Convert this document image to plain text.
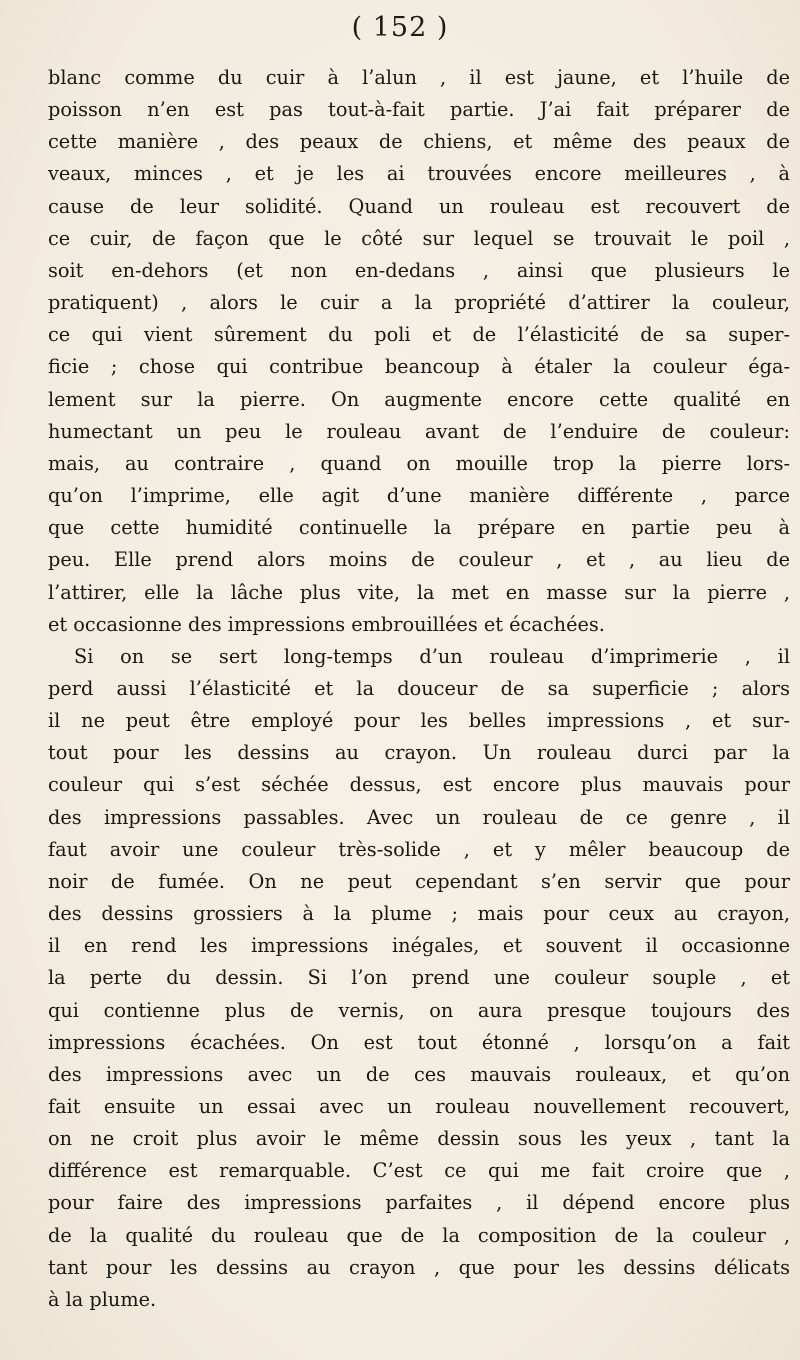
( 152 )
blanc comme du cuir à l’alun , il est jaune, et l’huile de
poisson n’en est pas tout-à-fait partie. J’ai fait préparer de
cette manière , des peaux de chiens, et même des peaux de
veaux, minces , et je les ai trouvées encore meilleures , à
cause de leur solidité. Quand un rouleau est recouvert de
ce cuir, de façon que le côté sur lequel se trouvait le poil ,
soit en-dehors (et non en-dedans , ainsi que plusieurs le
pratiquent) , alors le cuir a la propriété d’attirer la couleur,
ce qui vient sûrement du poli et de l’élasticité de sa super-
ficie ; chose qui contribue beancoup à étaler la couleur éga-
lement sur la pierre. On augmente encore cette qualité en
humectant un peu le rouleau avant de l’enduire de couleur:
mais, au contraire , quand on mouille trop la pierre lors-
qu’on l’imprime, elle agit d’une manière différente , parce
que cette humidité continuelle la prépare en partie peu à
peu. Elle prend alors moins de couleur , et , au lieu de
l’attirer, elle la lâche plus vite, la met en masse sur la pierre ,
et occasionne des impressions embrouillées et écachées.
Si on se sert long-temps d’un rouleau d’imprimerie , il
perd aussi l’élasticité et la douceur de sa superficie ; alors
il ne peut être employé pour les belles impressions , et sur-
tout pour les dessins au crayon. Un rouleau durci par la
couleur qui s’est séchée dessus, est encore plus mauvais pour
des impressions passables. Avec un rouleau de ce genre , il
faut avoir une couleur très-solide , et y mêler beaucoup de
noir de fumée. On ne peut cependant s’en servir que pour
des dessins grossiers à la plume ; mais pour ceux au crayon,
il en rend les impressions inégales, et souvent il occasionne
la perte du dessin. Si l’on prend une couleur souple , et
qui contienne plus de vernis, on aura presque toujours des
impressions écachées. On est tout étonné , lorsqu’on a fait
des impressions avec un de ces mauvais rouleaux, et qu’on
fait ensuite un essai avec un rouleau nouvellement recouvert,
on ne croit plus avoir le même dessin sous les yeux , tant la
différence est remarquable. C’est ce qui me fait croire que ,
pour faire des impressions parfaites , il dépend encore plus
de la qualité du rouleau que de la composition de la couleur ,
tant pour les dessins au crayon , que pour les dessins délicats
à la plume.
